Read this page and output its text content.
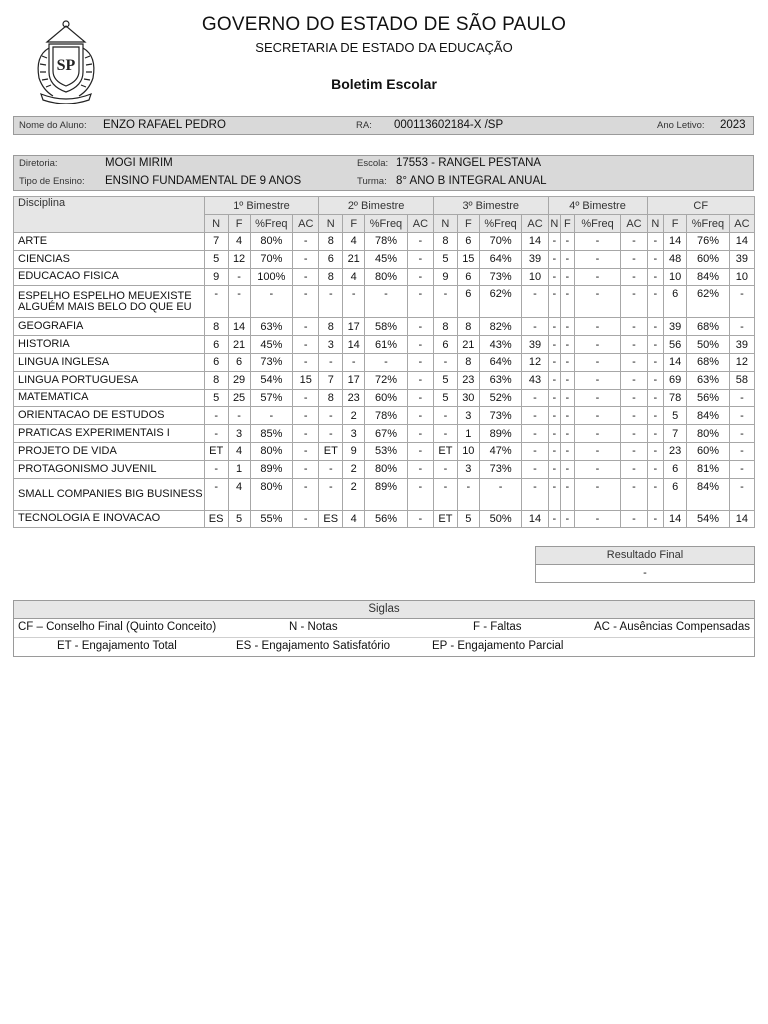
SP
GOVERNO DO ESTADO DE SÃO PAULO
SECRETARIA DE ESTADO DA EDUCAÇÃO
Boletim Escolar
Nome do Aluno: ENZO RAFAEL PEDRO	RA: 000113602184-X /SP	Ano Letivo: 2023
Diretoria:	MOGI MIRIM	Escola: 17553 - RANGEL PESTANA
Tipo de Ensino: ENSINO FUNDAMENTAL DE 9 ANOS	Turma: 8° ANO B INTEGRAL ANUAL
Disciplina	1º Bimestre				2º Bimestre				3º Bimestre				4º Bimestre				CF			
	N	F	%Freq	AC	N	F	%Freq	AC	N	F	%Freq	AC	N	F	%Freq	AC	N	F	%Freq	AC
ARTE	7	4	80%	-	8	4	78%	-	8	6	70%	14	-	-	-	-	-	14	76%	14
CIENCIAS	5	12	70%	-	6	21	45%	-	5	15	64%	39	-	-	-	-	-	48	60%	39
EDUCACAO FISICA	9	-	100%	-	8	4	80%	-	9	6	73%	10	-	-	-	-	-	10	84%	10
ESPELHO ESPELHO MEUEXISTE ALGUÉM MAIS BELO DO QUE EU	-	-	-	-	-	-	-	-	-	6	62%	-	-	-	-	-	-	6	62%	-
GEOGRAFIA	8	14	63%	-	8	17	58%	-	8	8	82%	-	-	-	-	-	-	39	68%	-
HISTORIA	6	21	45%	-	3	14	61%	-	6	21	43%	39	-	-	-	-	-	56	50%	39
LINGUA INGLESA	6	6	73%	-	-	-	-	-	-	8	64%	12	-	-	-	-	-	14	68%	12
LINGUA PORTUGUESA	8	29	54%	15	7	17	72%	-	5	23	63%	43	-	-	-	-	-	69	63%	58
MATEMATICA	5	25	57%	-	8	23	60%	-	5	30	52%	-	-	-	-	-	-	78	56%	-
ORIENTACAO DE ESTUDOS	-	-	-	-	-	2	78%	-	-	3	73%	-	-	-	-	-	-	5	84%	-
PRATICAS EXPERIMENTAIS I	-	3	85%	-	-	3	67%	-	-	1	89%	-	-	-	-	-	-	7	80%	-
PROJETO DE VIDA	ET	4	80%	-	ET	9	53%	-	ET	10	47%	-	-	-	-	-	-	23	60%	-
PROTAGONISMO JUVENIL	-	1	89%	-	-	2	80%	-	-	3	73%	-	-	-	-	-	-	6	81%	-
SMALL COMPANIES BIG BUSINESS	-	4	80%	-	-	2	89%	-	-	-	-	-	-	-	-	-	-	6	84%	-
TECNOLOGIA E INOVACAO	ES	5	55%	-	ES	4	56%	-	ET	5	50%	14	-	-	-	-	-	14	54%	14
Resultado Final
-
Siglas
CF – Conselho Final (Quinto Conceito)	N - Notas	F - Faltas	AC - Ausências Compensadas
ET - Engajamento Total	ES - Engajamento Satisfatório	EP - Engajamento Parcial
